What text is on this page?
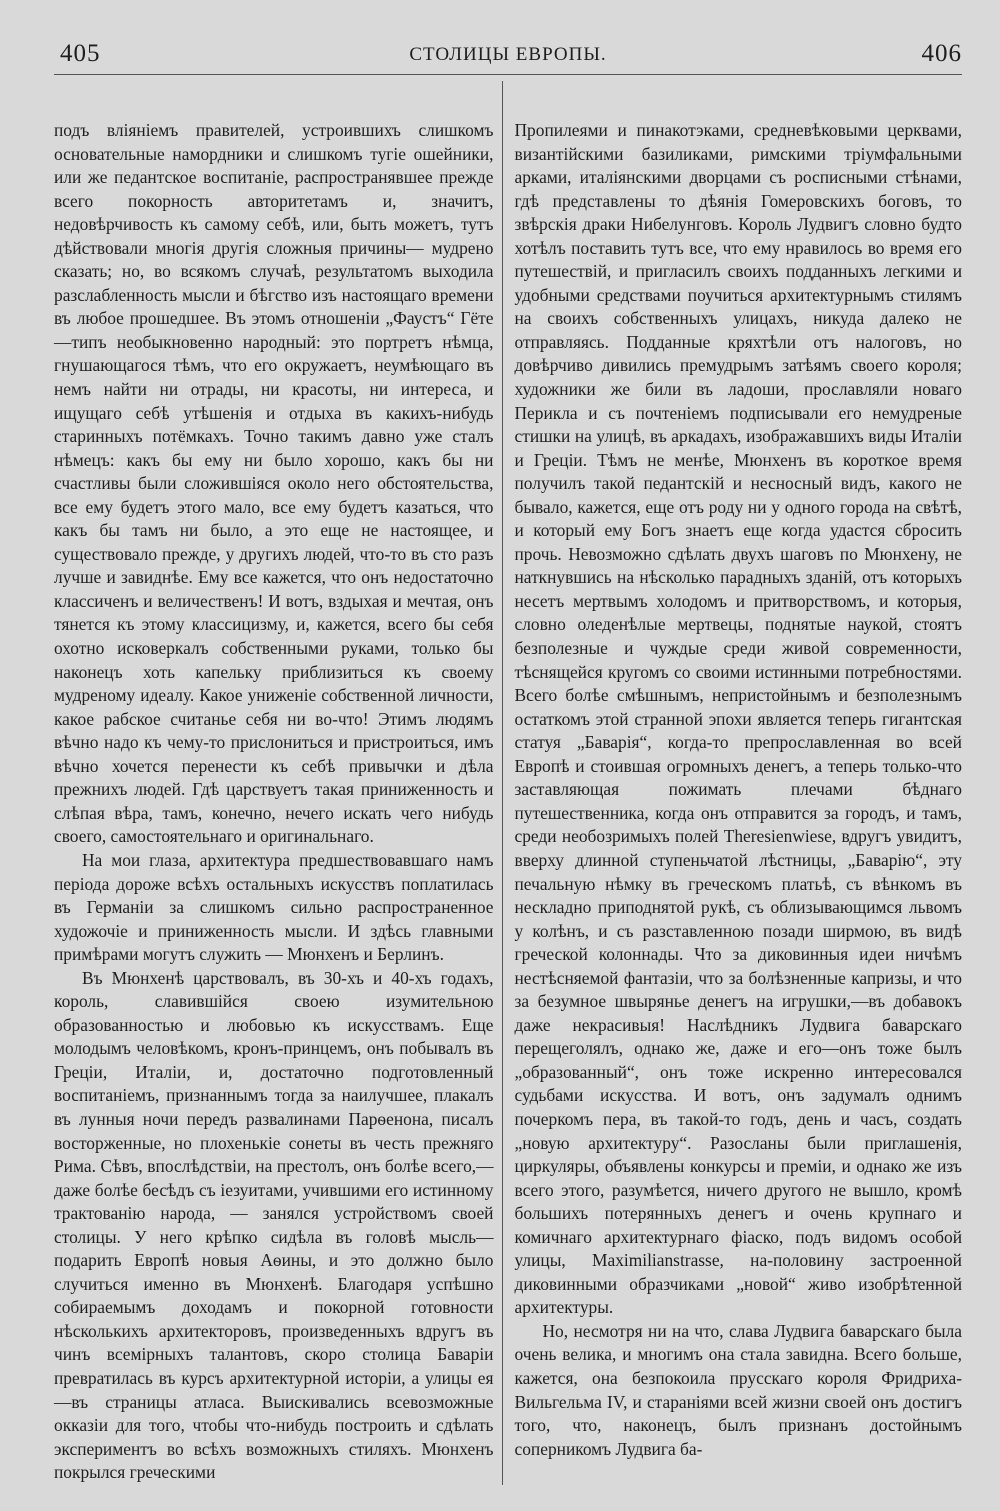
405	СТОЛИЦЫ ЕВРОПЫ.	406

подъ вліяніемъ правителей, устроившихъ слишкомъ основательные намордники и слишкомъ тугіе ошейники, или же педантское воспитаніе, распространявшее прежде всего покорность авторитетамъ и, значитъ, недовѣрчивость къ самому себѣ, или, быть можетъ, тутъ дѣйствовали многія другія сложныя причины— мудрено сказать; но, во всякомъ случаѣ, результатомъ выходила разслабленность мысли и бѣгство изъ настоящаго времени въ любое прошедшее. Въ этомъ отношеніи „Фаустъ“ Гёте—типъ необыкновенно народный: это портретъ нѣмца, гнушающагося тѣмъ, что его окружаетъ, неумѣющаго въ немъ найти ни отрады, ни красоты, ни интереса, и ищущаго себѣ утѣшенія и отдыха въ какихъ-нибудь старинныхъ потёмкахъ. Точно такимъ давно уже сталъ нѣмецъ: какъ бы ему ни было хорошо, какъ бы ни счастливы были сложившіяся около него обстоятельства, все ему будетъ этого мало, все ему будетъ казаться, что какъ бы тамъ ни было, а это еще не настоящее, и существовало прежде, у другихъ людей, что-то въ сто разъ лучше и завиднѣе. Ему все кажется, что онъ недостаточно классиченъ и величественъ! И вотъ, вздыхая и мечтая, онъ тянется къ этому классицизму, и, кажется, всего бы себя охотно исковеркалъ собственными руками, только бы наконецъ хоть капельку приблизиться къ своему мудреному идеалу. Какое униженіе собственной личности, какое рабское считанье себя ни во-что! Этимъ людямъ вѣчно надо къ чему-то прислониться и пристроиться, имъ вѣчно хочется перенести къ себѣ привычки и дѣла прежнихъ людей. Гдѣ царствуетъ такая приниженность и слѣпая вѣра, тамъ, конечно, нечего искать чего нибудь своего, самостоятельнаго и оригинальнаго.

На мои глаза, архитектура предшествовавшаго намъ періода дороже всѣхъ остальныхъ искусствъ поплатилась въ Германіи за слишкомъ сильно распространенное художочіе и приниженность мысли. И здѣсь главными примѣрами могутъ служить — Мюнхенъ и Берлинъ.

Въ Мюнхенѣ царствовалъ, въ 30-хъ и 40-хъ годахъ, король, славившійся своею изумительною образованностью и любовью къ искусствамъ. Еще молодымъ человѣкомъ, кронъ-принцемъ, онъ побывалъ въ Греціи, Италіи, и, достаточно подготовленный воспитаніемъ, признаннымъ тогда за наилучшее, плакалъ въ лунныя ночи передъ развалинами Парѳенона, писалъ восторженные, но плохенькіе сонеты въ честь прежняго Рима. Сѣвъ, впослѣдствіи, на престолъ, онъ болѣе всего,—даже болѣе бесѣдъ съ іезуитами, учившими его истинному трактованію народа, — занялся устройствомъ своей столицы. У него крѣпко сидѣла въ головѣ мысль—подарить Европѣ новыя Аѳины, и это должно было случиться именно въ Мюнхенѣ. Благодаря успѣшно собираемымъ доходамъ и покорной готовности нѣсколькихъ архитекторовъ, произведенныхъ вдругъ въ чинъ всемірныхъ талантовъ, скоро столица Баваріи превратилась въ курсъ архитектурной исторіи, а улицы ея—въ страницы атласа. Выискивались всевозможные окказіи для того, чтобы что-нибудь построить и сдѣлать экспериментъ во всѣхъ возможныхъ стиляхъ. Мюнхенъ покрылся греческими

Пропилеями и пинакотэками, средневѣковыми церквами, византійскими базиликами, римскими тріумфальными арками, италіянскими дворцами съ росписными стѣнами, гдѣ представлены то дѣянія Гомеровскихъ боговъ, то звѣрскія драки Нибелунговъ. Король Лудвигъ словно будто хотѣлъ поставить тутъ все, что ему нравилось во время его путешествій, и пригласилъ своихъ подданныхъ легкими и удобными средствами поучиться архитектурнымъ стилямъ на своихъ собственныхъ улицахъ, никуда далеко не отправляясь. Подданные кряхтѣли отъ налоговъ, но довѣрчиво дивились премудрымъ затѣямъ своего короля; художники же били въ ладоши, прославляли новаго Перикла и съ почтеніемъ подписывали его немудреные стишки на улицѣ, въ аркадахъ, изображавшихъ виды Италіи и Греціи. Тѣмъ не менѣе, Мюнхенъ въ короткое время получилъ такой педантскій и несносный видъ, какого не бывало, кажется, еще отъ роду ни у одного города на свѣтѣ, и который ему Богъ знаетъ еще когда удастся сбросить прочь. Невозможно сдѣлать двухъ шаговъ по Мюнхену, не наткнувшись на нѣсколько парадныхъ зданій, отъ которыхъ несетъ мертвымъ холодомъ и притворствомъ, и которыя, словно оледенѣлые мертвецы, поднятые наукой, стоятъ безполезные и чуждые среди живой современности, тѣснящейся кругомъ со своими истинными потребностями. Всего болѣе смѣшнымъ, непристойнымъ и безполезнымъ остаткомъ этой странной эпохи является теперь гигантская статуя „Баварія“, когда-то препрославленная во всей Европѣ и стоившая огромныхъ денегъ, а теперь только-что заставляющая пожимать плечами бѣднаго путешественника, когда онъ отправится за городъ, и тамъ, среди необозримыхъ полей Theresienwiese, вдругъ увидитъ, вверху длинной ступеньчатой лѣстницы, „Баварію“, эту печальную нѣмку въ греческомъ платьѣ, съ вѣнкомъ въ нескладно приподнятой рукѣ, съ облизывающимся львомъ у колѣнъ, и съ разставленною позади ширмою, въ видѣ греческой колоннады. Что за диковинныя идеи ничѣмъ нестѣсняемой фантазіи, что за болѣзненные капризы, и что за безумное швырянье денегъ на игрушки,—въ добавокъ даже некрасивыя! Наслѣдникъ Лудвига баварскаго перещеголялъ, однако же, даже и его—онъ тоже былъ „образованный“, онъ тоже искренно интересовался судьбами искусства. И вотъ, онъ задумалъ однимъ почеркомъ пера, въ такой-то годъ, день и часъ, создать „новую архитектуру“. Разосланы были приглашенія, циркуляры, объявлены конкурсы и преміи, и однако же изъ всего этого, разумѣется, ничего другого не вышло, кромѣ большихъ потерянныхъ денегъ и очень крупнаго и комичнаго архитектурнаго фіаско, подъ видомъ особой улицы, Maximilianstrasse, на-половину застроенной диковинными образчиками „новой“ живо изобрѣтенной архитектуры.

Но, несмотря ни на что, слава Лудвига баварскаго была очень велика, и многимъ она стала завидна. Всего больше, кажется, она безпокоила прусскаго короля Фридриха-Вильгельма IV, и стараніями всей жизни своей онъ достигъ того, что, наконецъ, былъ признанъ достойнымъ соперникомъ Лудвига ба-
